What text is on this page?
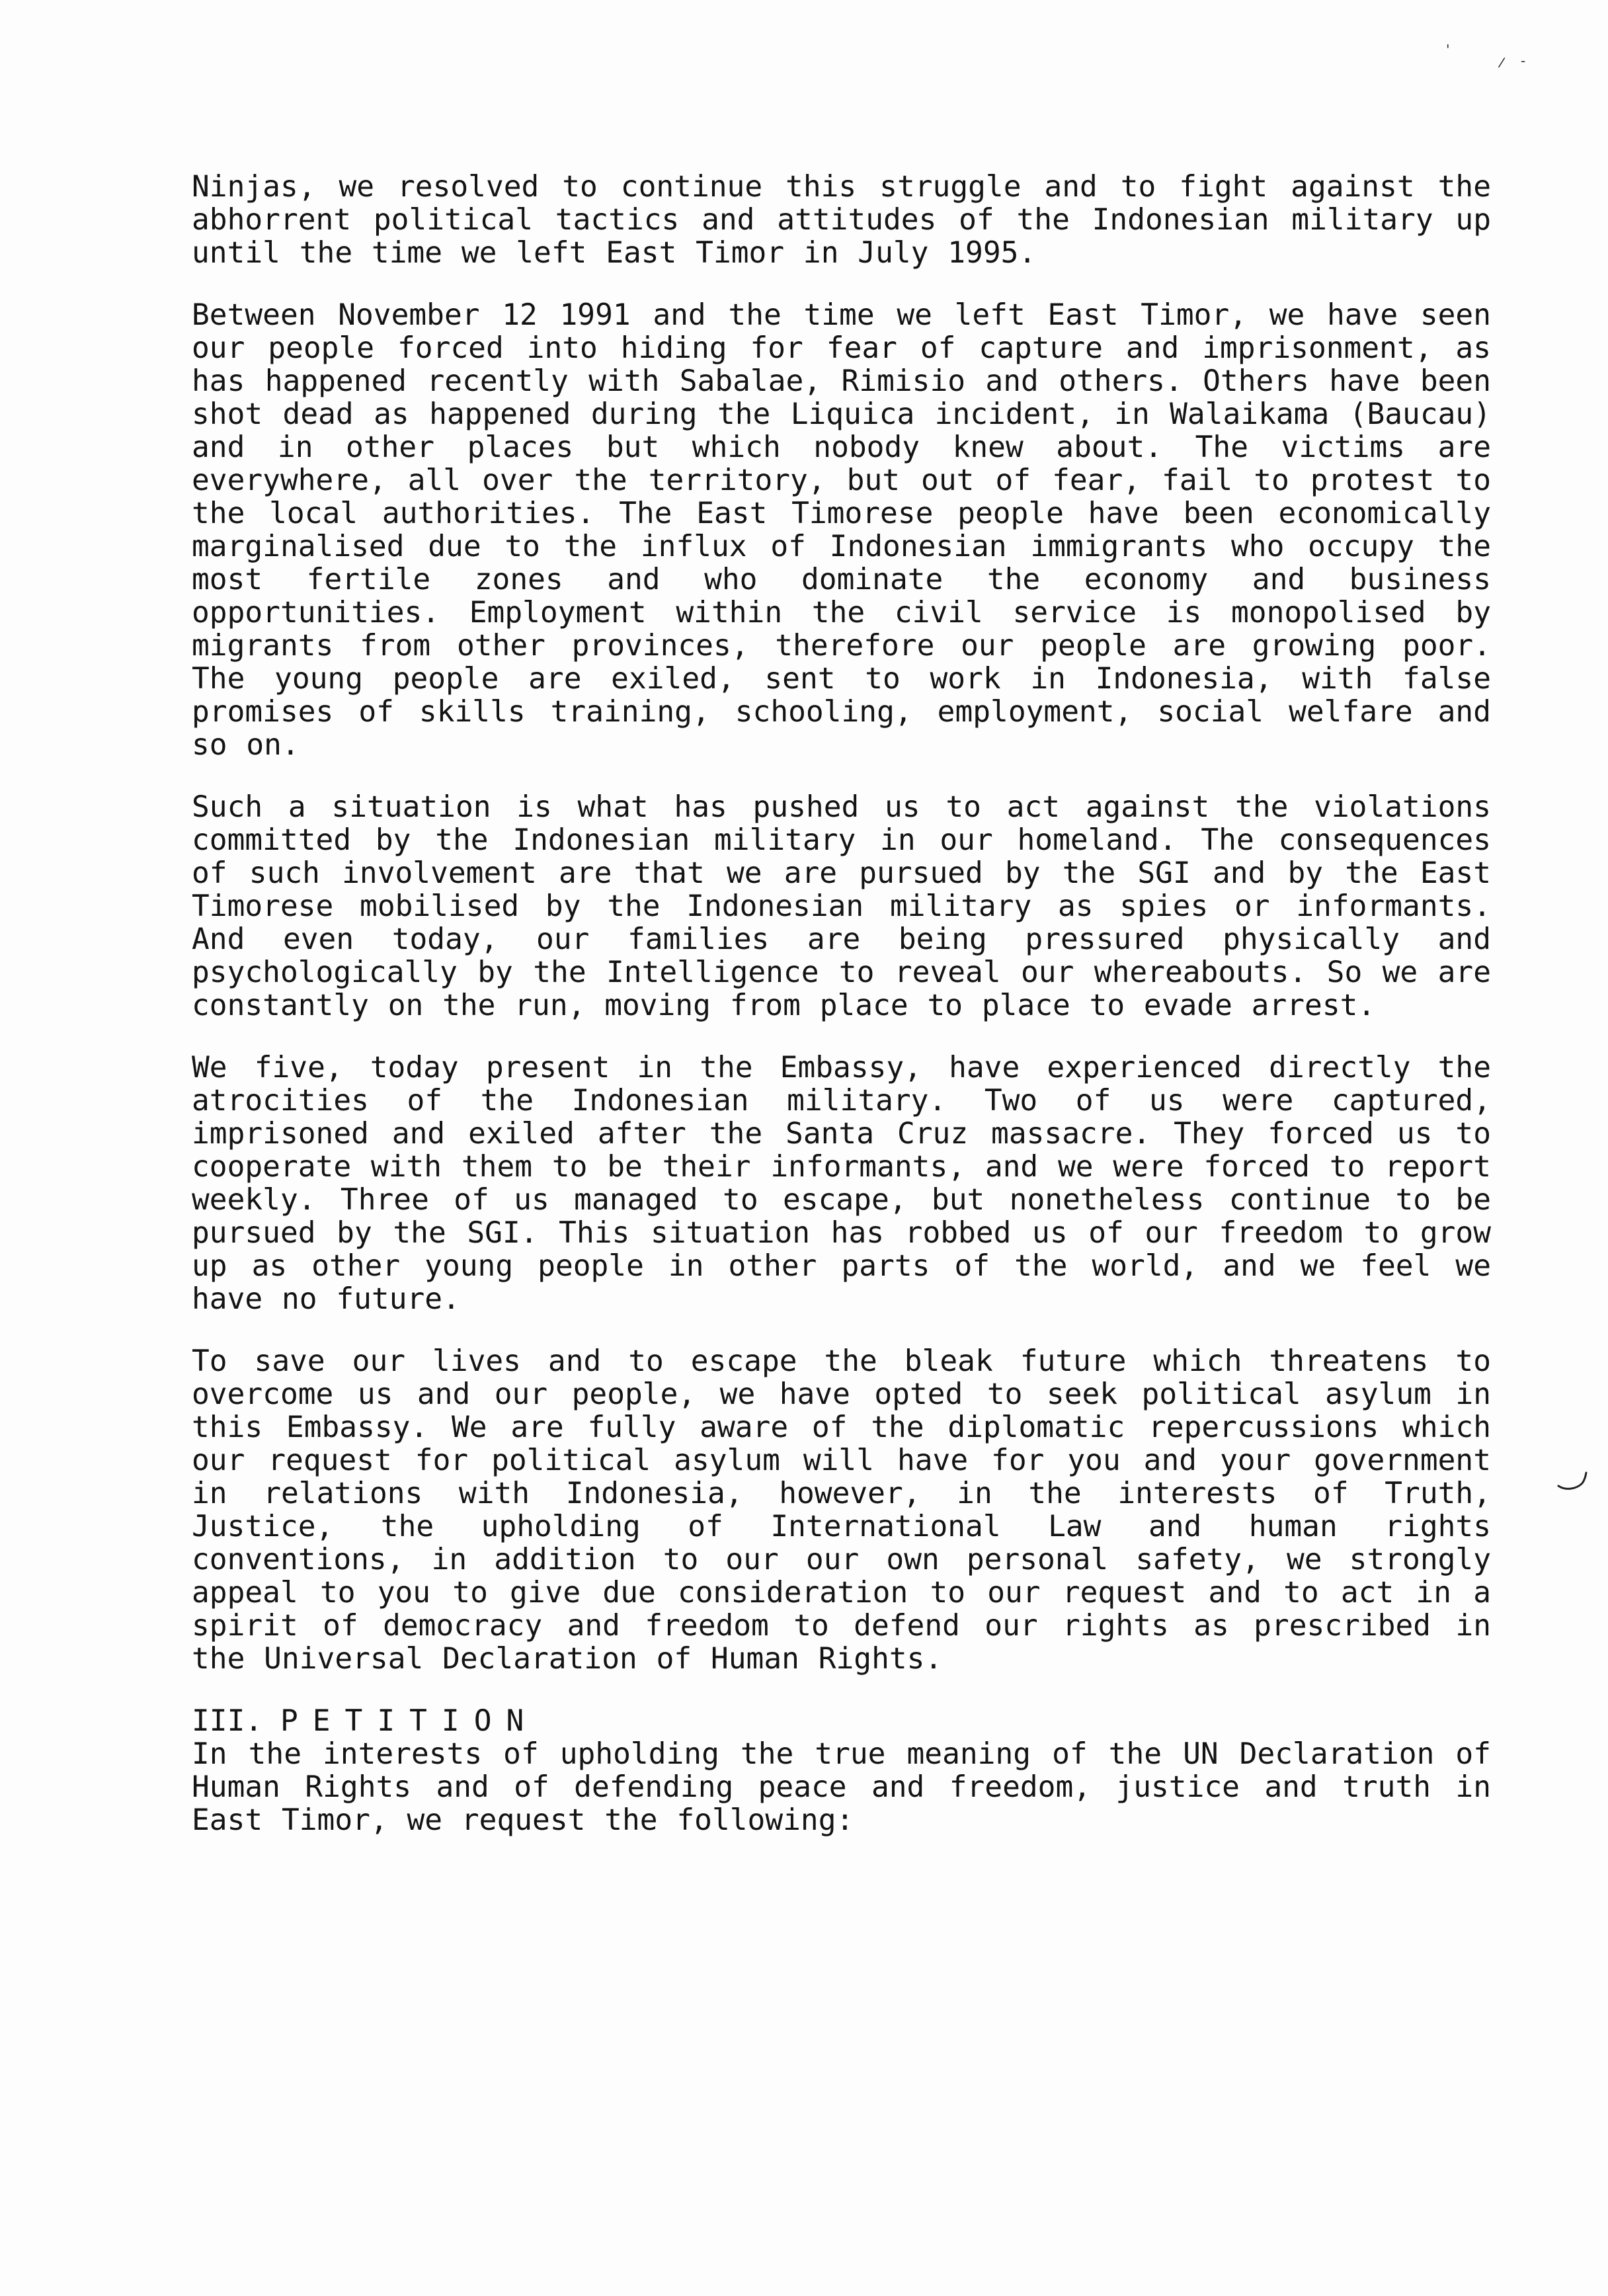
'
/ -

Ninjas, we resolved to continue this struggle and to fight against the abhorrent political tactics and attitudes of the Indonesian military up until the time we left East Timor in July 1995.

Between November 12 1991 and the time we left East Timor, we have seen our people forced into hiding for fear of capture and imprisonment, as has happened recently with Sabalae, Rimisio and others. Others have been shot dead as happened during the Liquica incident, in Walaikama (Baucau) and in other places but which nobody knew about. The victims are everywhere, all over the territory, but out of fear, fail to protest to the local authorities. The East Timorese people have been economically marginalised due to the influx of Indonesian immigrants who occupy the most fertile zones and who dominate the economy and business opportunities. Employment within the civil service is monopolised by migrants from other provinces, therefore our people are growing poor. The young people are exiled, sent to work in Indonesia, with false promises of skills training, schooling, employment, social welfare and so on.

Such a situation is what has pushed us to act against the violations committed by the Indonesian military in our homeland. The consequences of such involvement are that we are pursued by the SGI and by the East Timorese mobilised by the Indonesian military as spies or informants. And even today, our families are being pressured physically and psychologically by the Intelligence to reveal our whereabouts. So we are constantly on the run, moving from place to place to evade arrest.

We five, today present in the Embassy, have experienced directly the atrocities of the Indonesian military. Two of us were captured, imprisoned and exiled after the Santa Cruz massacre. They forced us to cooperate with them to be their informants, and we were forced to report weekly. Three of us managed to escape, but nonetheless continue to be pursued by the SGI. This situation has robbed us of our freedom to grow up as other young people in other parts of the world, and we feel we have no future.

To save our lives and to escape the bleak future which threatens to overcome us and our people, we have opted to seek political asylum in this Embassy. We are fully aware of the diplomatic repercussions which our request for political asylum will have for you and your government in relations with Indonesia, however, in the interests of Truth, Justice, the upholding of International Law and human rights conventions, in addition to our our own personal safety, we strongly appeal to you to give due consideration to our request and to act in a spirit of democracy and freedom to defend our rights as prescribed in the Universal Declaration of Human Rights.

III. PETITION

In the interests of upholding the true meaning of the UN Declaration of Human Rights and of defending peace and freedom, justice and truth in East Timor, we request the following:
